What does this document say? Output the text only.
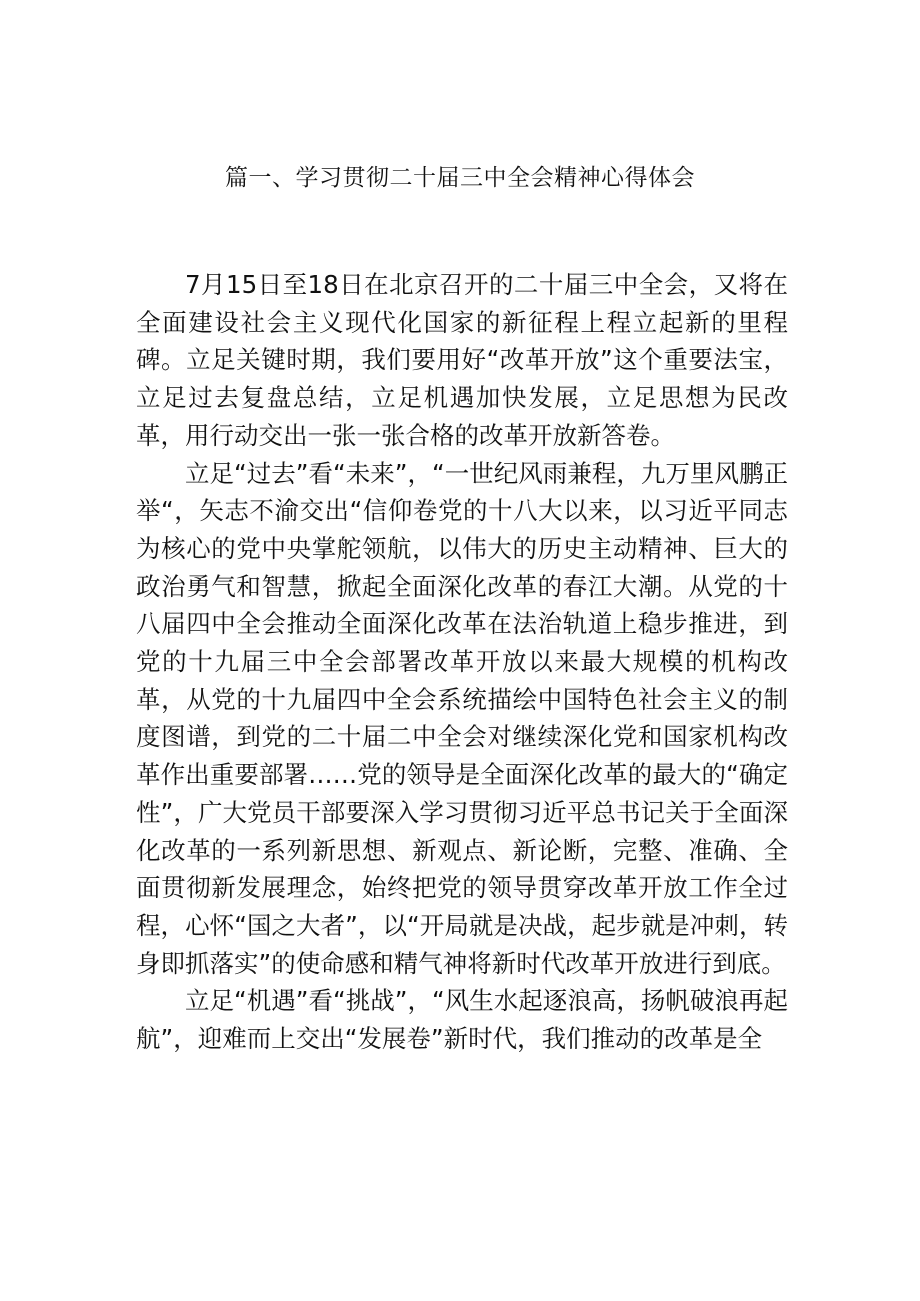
篇一、学习贯彻二十届三中全会精神心得体会

7月15日至18日在北京召开的二十届三中全会，又将在全面建设社会主义现代化国家的新征程上程立起新的里程碑。立足关键时期，我们要用好“改革开放”这个重要法宝，立足过去复盘总结，立足机遇加快发展，立足思想为民改革，用行动交出一张一张合格的改革开放新答卷。

立足“过去”看“未来”，“一世纪风雨兼程，九万里风鹏正举“，矢志不渝交出“信仰卷党的十八大以来，以习近平同志为核心的党中央掌舵领航，以伟大的历史主动精神、巨大的政治勇气和智慧，掀起全面深化改革的春江大潮。从党的十八届四中全会推动全面深化改革在法治轨道上稳步推进，到党的十九届三中全会部署改革开放以来最大规模的机构改革，从党的十九届四中全会系统描绘中国特色社会主义的制度图谱，到党的二十届二中全会对继续深化党和国家机构改革作出重要部署……党的领导是全面深化改革的最大的“确定性”，广大党员干部要深入学习贯彻习近平总书记关于全面深化改革的一系列新思想、新观点、新论断，完整、准确、全面贯彻新发展理念，始终把党的领导贯穿改革开放工作全过程，心怀“国之大者”，以“开局就是决战，起步就是冲刺，转身即抓落实”的使命感和精气神将新时代改革开放进行到底。

立足“机遇”看“挑战”，“风生水起逐浪高，扬帆破浪再起航”，迎难而上交出“发展卷”新时代，我们推动的改革是全
